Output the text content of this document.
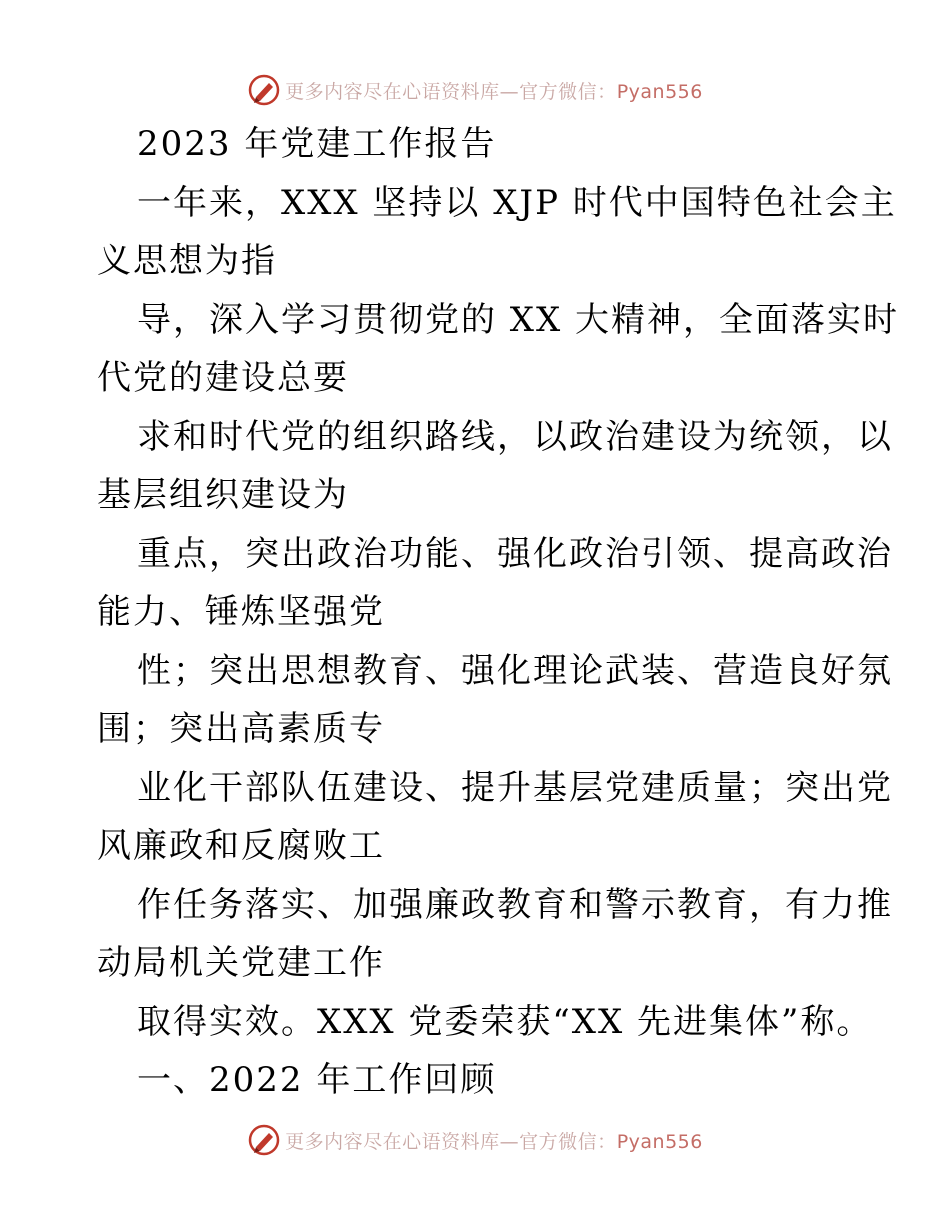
更多内容尽在心语资料库—官方微信：Pyan556
2023 年党建工作报告
一年来，XXX 坚持以 XJP 时代中国特色社会主
义思想为指
导，深入学习贯彻党的 XX 大精神，全面落实时
代党的建设总要
求和时代党的组织路线，以政治建设为统领，以
基层组织建设为
重点，突出政治功能、强化政治引领、提高政治
能力、锤炼坚强党
性；突出思想教育、强化理论武装、营造良好氛
围；突出高素质专
业化干部队伍建设、提升基层党建质量；突出党
风廉政和反腐败工
作任务落实、加强廉政教育和警示教育，有力推
动局机关党建工作
取得实效。XXX 党委荣获“XX 先进集体”称。
一、2022 年工作回顾
更多内容尽在心语资料库—官方微信：Pyan556
